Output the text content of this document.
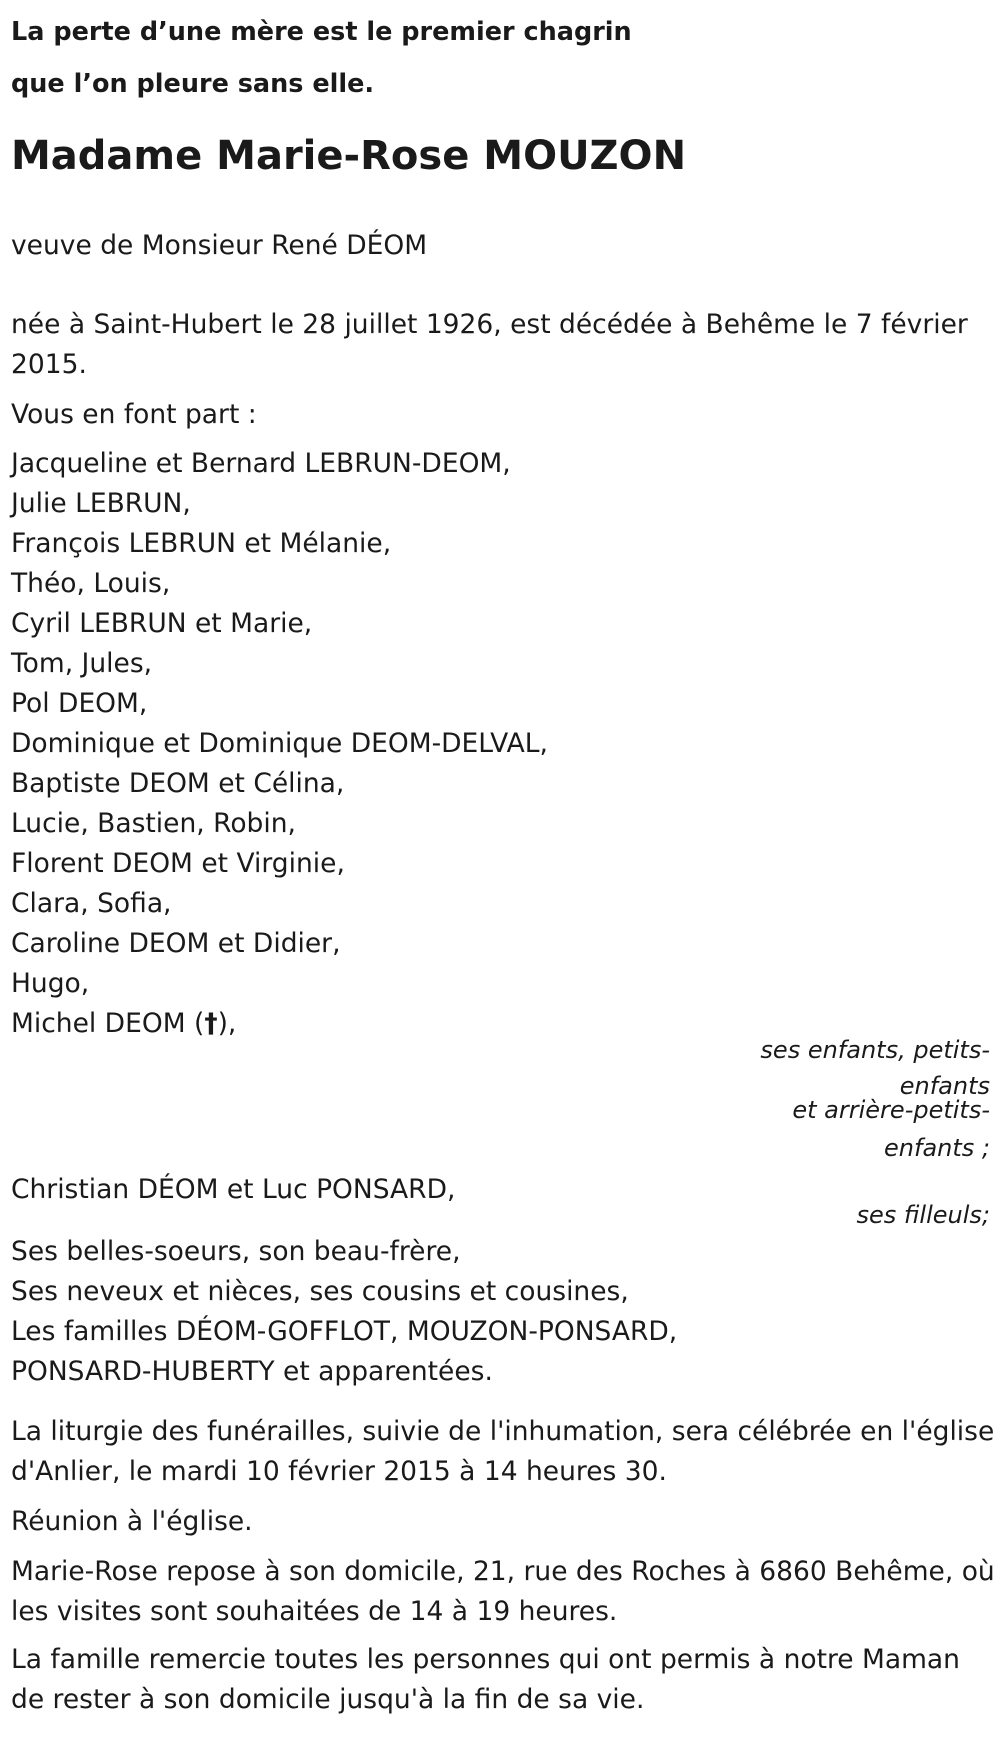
La perte d’une mère est le premier chagrin
que l’on pleure sans elle.
Madame Marie-Rose MOUZON
veuve de Monsieur René DÉOM
née à Saint-Hubert le 28 juillet 1926, est décédée à Behême le 7 février 2015.
Vous en font part :
Jacqueline et Bernard LEBRUN-DEOM,
Julie LEBRUN,
François LEBRUN et Mélanie,
Théo, Louis,
Cyril LEBRUN et Marie,
Tom, Jules,
Pol DEOM,
Dominique et Dominique DEOM-DELVAL,
Baptiste DEOM et Célina,
Lucie, Bastien, Robin,
Florent DEOM et Virginie,
Clara, Sofia,
Caroline DEOM et Didier,
Hugo,
Michel DEOM (†),
ses enfants, petits-
enfants
et arrière-petits-
enfants ;
Christian DÉOM et Luc PONSARD,
ses filleuls;
Ses belles-soeurs, son beau-frère,
Ses neveux et nièces, ses cousins et cousines,
Les familles DÉOM-GOFFLOT, MOUZON-PONSARD,
PONSARD-HUBERTY et apparentées.
La liturgie des funérailles, suivie de l'inhumation, sera célébrée en l'église d'Anlier, le mardi 10 février 2015 à 14 heures 30.
Réunion à l'église.
Marie-Rose repose à son domicile, 21, rue des Roches à 6860 Behême, où les visites sont souhaitées de 14 à 19 heures.
La famille remercie toutes les personnes qui ont permis à notre Maman de rester à son domicile jusqu'à la fin de sa vie.
